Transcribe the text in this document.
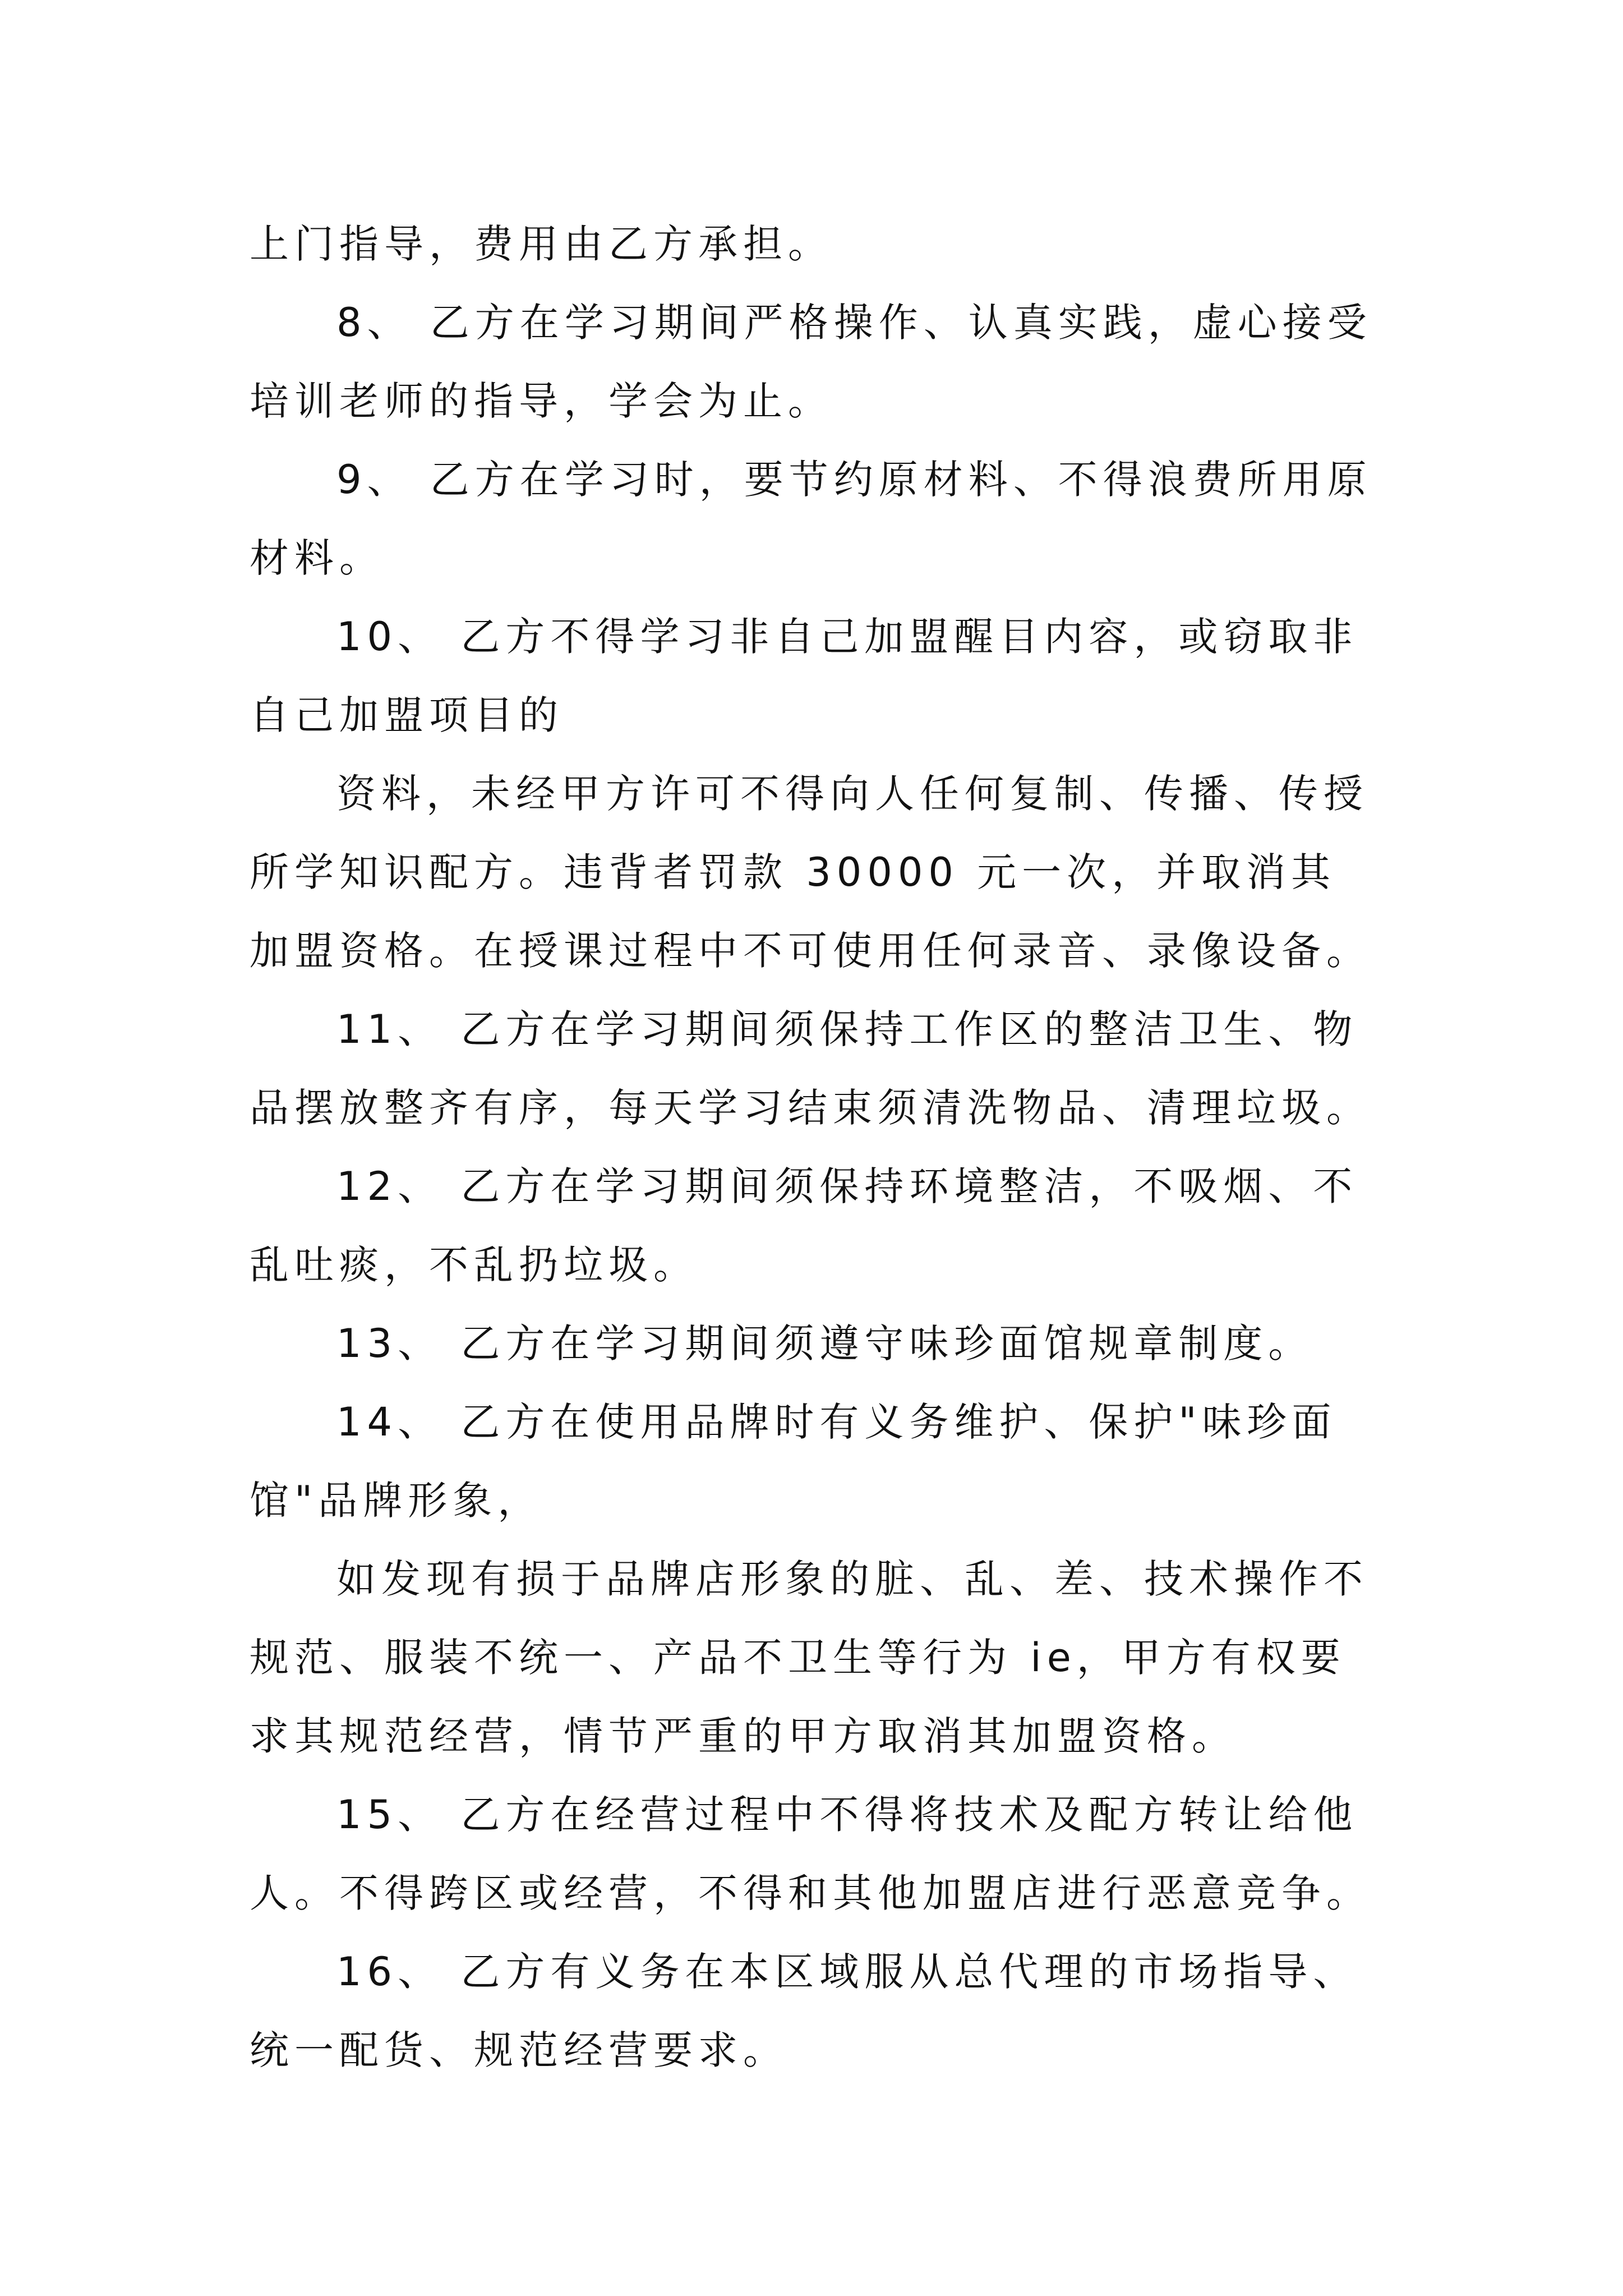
上门指导，费用由乙方承担。

8、 乙方在学习期间严格操作、认真实践，虚心接受培训老师的指导，学会为止。

9、 乙方在学习时，要节约原材料、不得浪费所用原材料。

10、 乙方不得学习非自己加盟醒目内容，或窃取非自己加盟项目的

资料，未经甲方许可不得向人任何复制、传播、传授所学知识配方。违背者罚款 30000 元一次，并取消其加盟资格。在授课过程中不可使用任何录音、录像设备。

11、 乙方在学习期间须保持工作区的整洁卫生、物品摆放整齐有序，每天学习结束须清洗物品、清理垃圾。

12、 乙方在学习期间须保持环境整洁，不吸烟、不乱吐痰，不乱扔垃圾。

13、 乙方在学习期间须遵守味珍面馆规章制度。

14、 乙方在使用品牌时有义务维护、保护"味珍面馆"品牌形象，

如发现有损于品牌店形象的脏、乱、差、技术操作不规范、服装不统一、产品不卫生等行为 ie，甲方有权要求其规范经营，情节严重的甲方取消其加盟资格。

15、 乙方在经营过程中不得将技术及配方转让给他人。不得跨区或经营，不得和其他加盟店进行恶意竞争。

16、 乙方有义务在本区域服从总代理的市场指导、统一配货、规范经营要求。
